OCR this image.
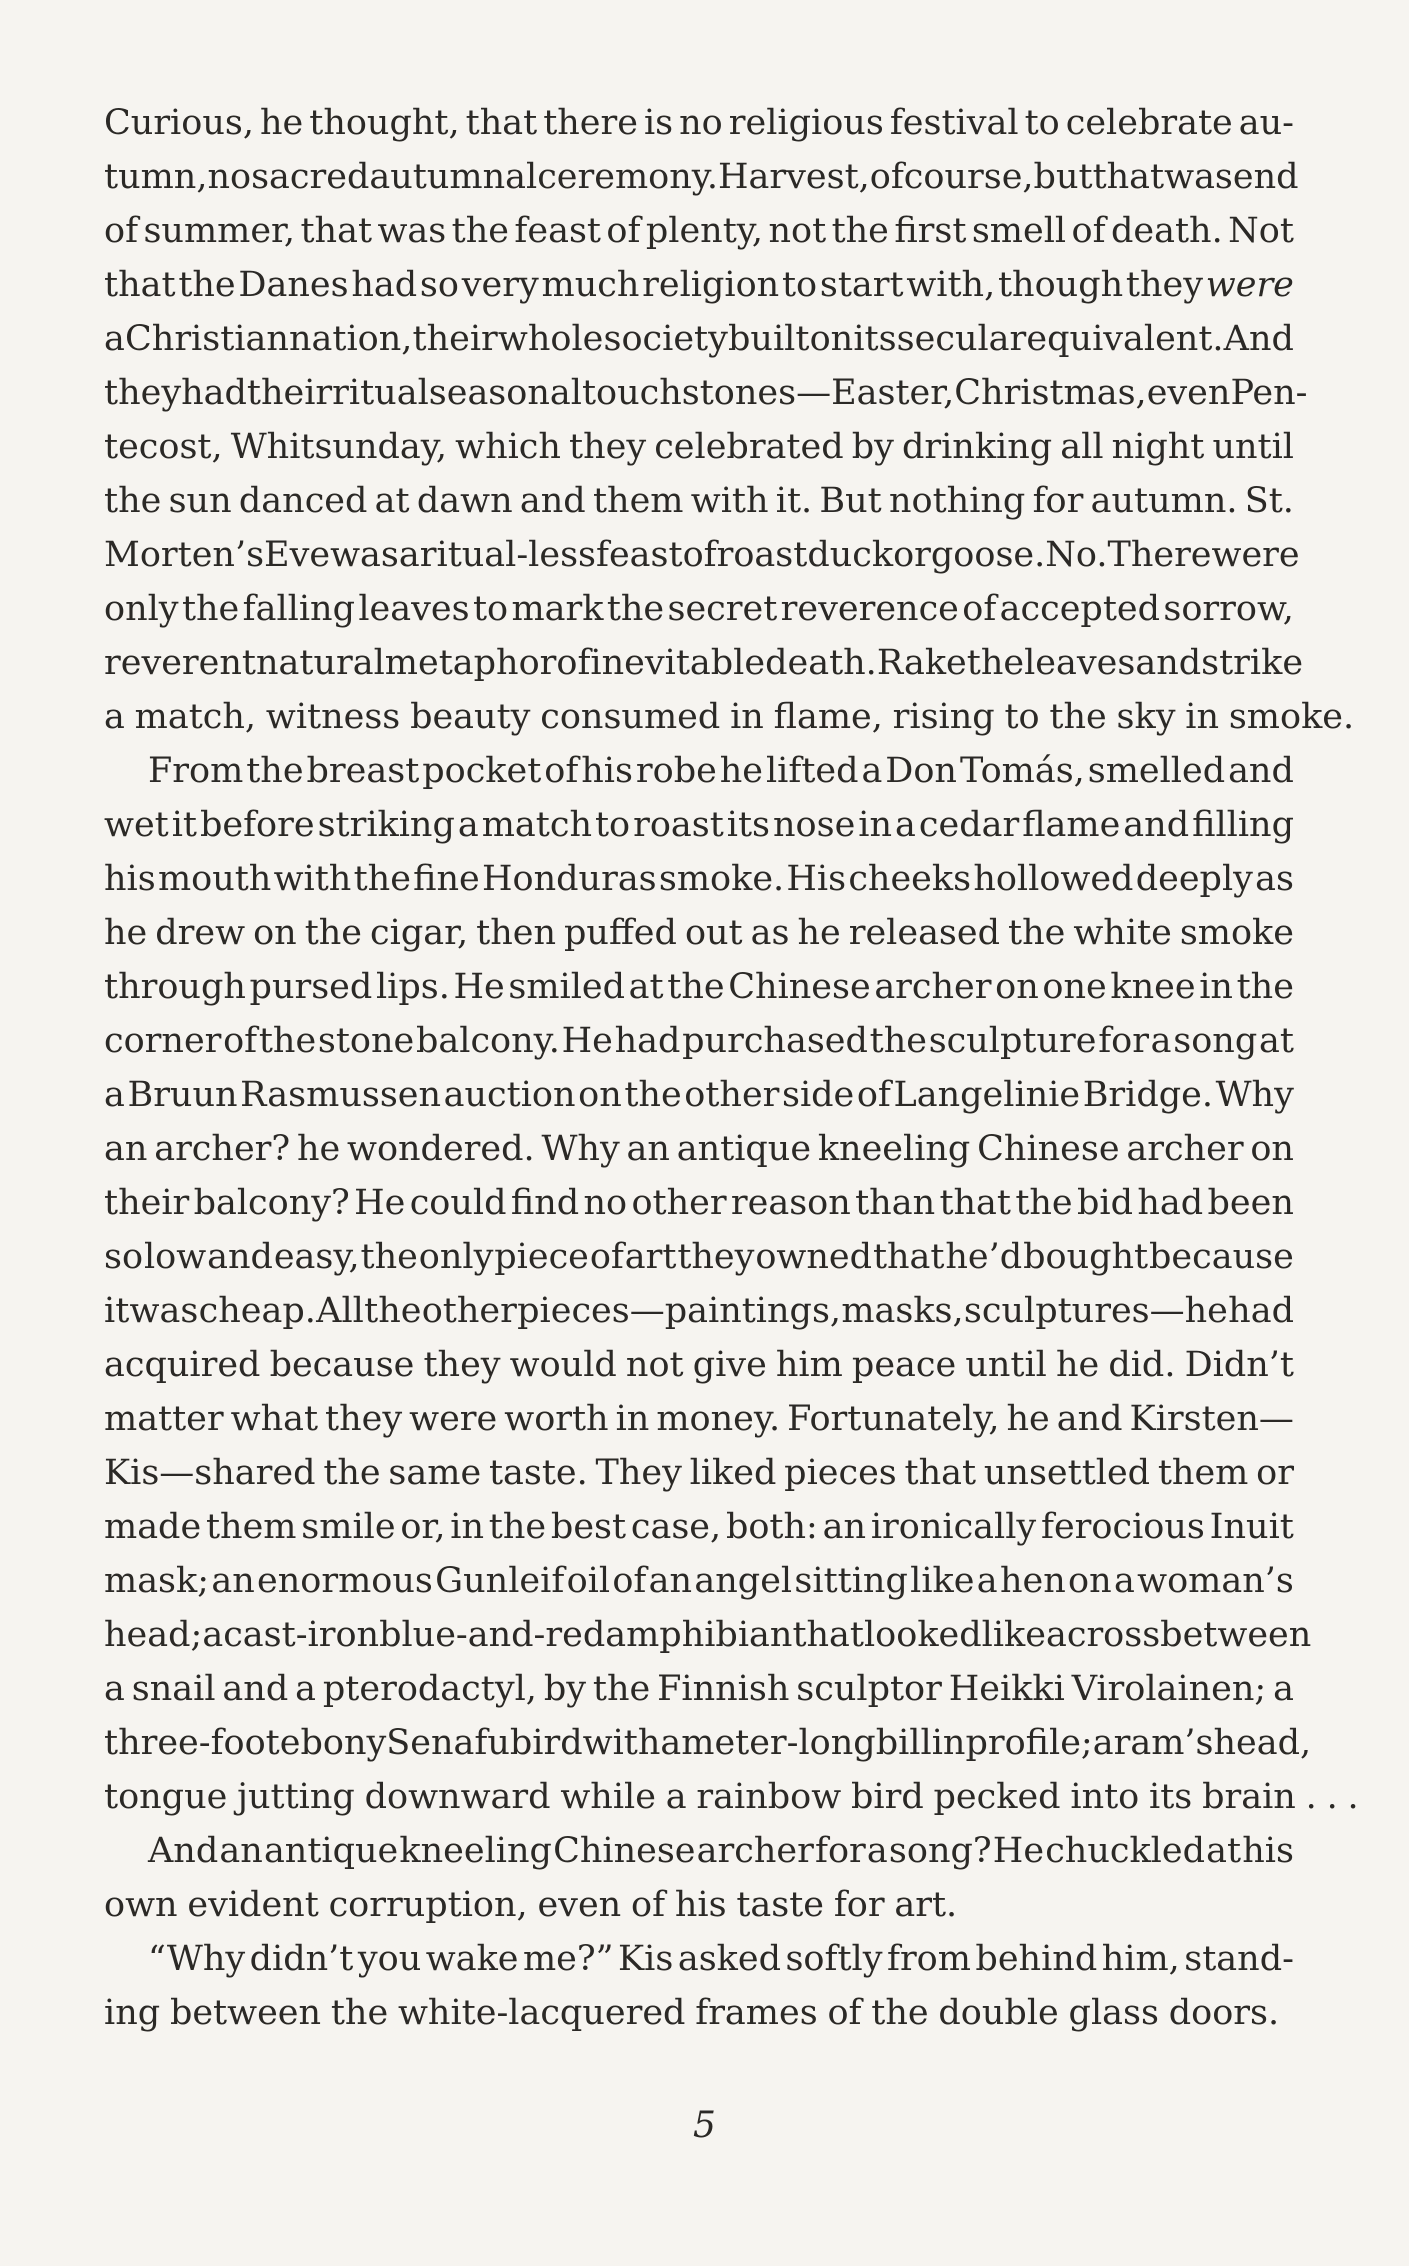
Curious, he thought, that there is no religious festival to celebrate au-
tumn, no sacred autumnal ceremony. Harvest, of course, but that was end
of summer, that was the feast of plenty, not the first smell of death. Not
that the Danes had so very much religion to start with, though they were
a Christian nation, their whole society built on its secular equivalent. And
they had their ritual seasonal touchstones—Easter, Christmas, even Pen-
tecost, Whitsunday, which they celebrated by drinking all night until
the sun danced at dawn and them with it. But nothing for autumn. St.
Morten’s Eve was a ritual-less feast of roast duck or goose. No. There were
only the falling leaves to mark the secret reverence of accepted sorrow,
reverent natural metaphor of inevitable death. Rake the leaves and strike
a match, witness beauty consumed in flame, rising to the sky in smoke.
From the breast pocket of his robe he lifted a Don Tomás, smelled and
wet it before striking a match to roast its nose in a cedar flame and filling
his mouth with the fine Honduras smoke. His cheeks hollowed deeply as
he drew on the cigar, then puffed out as he released the white smoke
through pursed lips. He smiled at the Chinese archer on one knee in the
corner of the stone balcony. He had purchased the sculpture for a song at
a Bruun Rasmussen auction on the other side of Langelinie Bridge. Why
an archer? he wondered. Why an antique kneeling Chinese archer on
their balcony? He could find no other reason than that the bid had been
so low and easy, the only piece of art they owned that he’d bought because
it was cheap. All the other pieces—paintings, masks, sculptures—he had
acquired because they would not give him peace until he did. Didn’t
matter what they were worth in money. Fortunately, he and Kirsten—
Kis—shared the same taste. They liked pieces that unsettled them or
made them smile or, in the best case, both: an ironically ferocious Inuit
mask; an enormous Gunleif oil of an angel sitting like a hen on a woman’s
head; a cast-iron blue-and-red amphibian that looked like a cross between
a snail and a pterodactyl, by the Finnish sculptor Heikki Virolainen; a
three-foot ebony Senafu bird with a meter-long bill in profile; a ram’s head,
tongue jutting downward while a rainbow bird pecked into its brain . . .
And an antique kneeling Chinese archer for a song? He chuckled at his
own evident corruption, even of his taste for art.
“Why didn’t you wake me?” Kis asked softly from behind him, stand-
ing between the white-lacquered frames of the double glass doors.
5
